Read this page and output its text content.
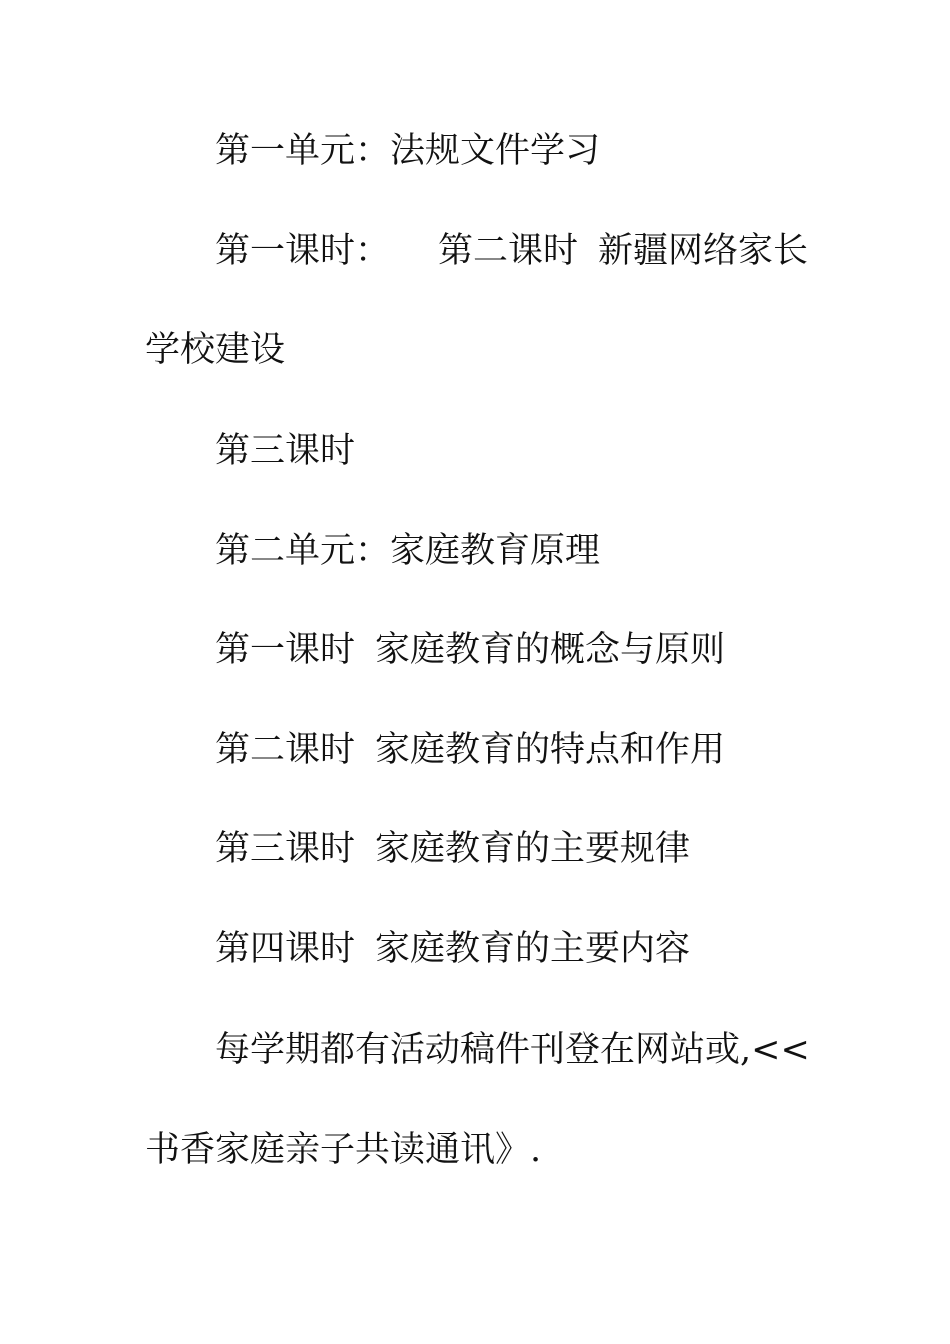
第一单元：法规文件学习

第一课时： 第二课时 新疆网络家长

学校建设

第三课时

第二单元：家庭教育原理

第一课时 家庭教育的概念与原则

第二课时 家庭教育的特点和作用

第三课时 家庭教育的主要规律

第四课时 家庭教育的主要内容

每学期都有活动稿件刊登在网站或,<<

书香家庭亲子共读通讯》.
